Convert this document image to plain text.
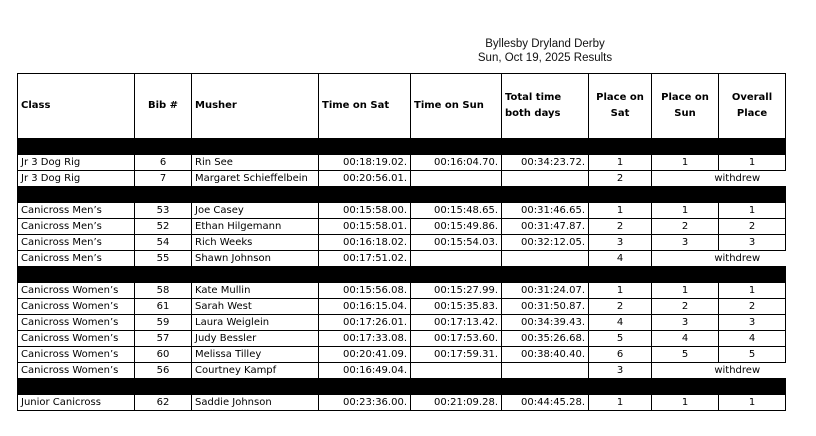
Byllesby Dryland Derby
Sun, Oct 19, 2025 Results
Class	Bib #	Musher	Time on Sat	Time on Sun	Total time both days	Place on Sat	Place on Sun	Overall Place

Jr 3 Dog Rig	6	Rin See	00:18:19.02.	00:16:04.70.	00:34:23.72.	1	1	1
Jr 3 Dog Rig	7	Margaret Schieffelbein	00:20:56.01.			2	withdrew	

Canicross Men’s	53	Joe Casey	00:15:58.00.	00:15:48.65.	00:31:46.65.	1	1	1
Canicross Men’s	52	Ethan Hilgemann	00:15:58.01.	00:15:49.86.	00:31:47.87.	2	2	2
Canicross Men’s	54	Rich Weeks	00:16:18.02.	00:15:54.03.	00:32:12.05.	3	3	3
Canicross Men’s	55	Shawn Johnson	00:17:51.02.			4	withdrew	

Canicross Women’s	58	Kate Mullin	00:15:56.08.	00:15:27.99.	00:31:24.07.	1	1	1
Canicross Women’s	61	Sarah West	00:16:15.04.	00:15:35.83.	00:31:50.87.	2	2	2
Canicross Women’s	59	Laura Weiglein	00:17:26.01.	00:17:13.42.	00:34:39.43.	4	3	3
Canicross Women’s	57	Judy Bessler	00:17:33.08.	00:17:53.60.	00:35:26.68.	5	4	4
Canicross Women’s	60	Melissa Tilley	00:20:41.09.	00:17:59.31.	00:38:40.40.	6	5	5
Canicross Women’s	56	Courtney Kampf	00:16:49.04.			3	withdrew	

Junior Canicross	62	Saddie Johnson	00:23:36.00.	00:21:09.28.	00:44:45.28.	1	1	1
